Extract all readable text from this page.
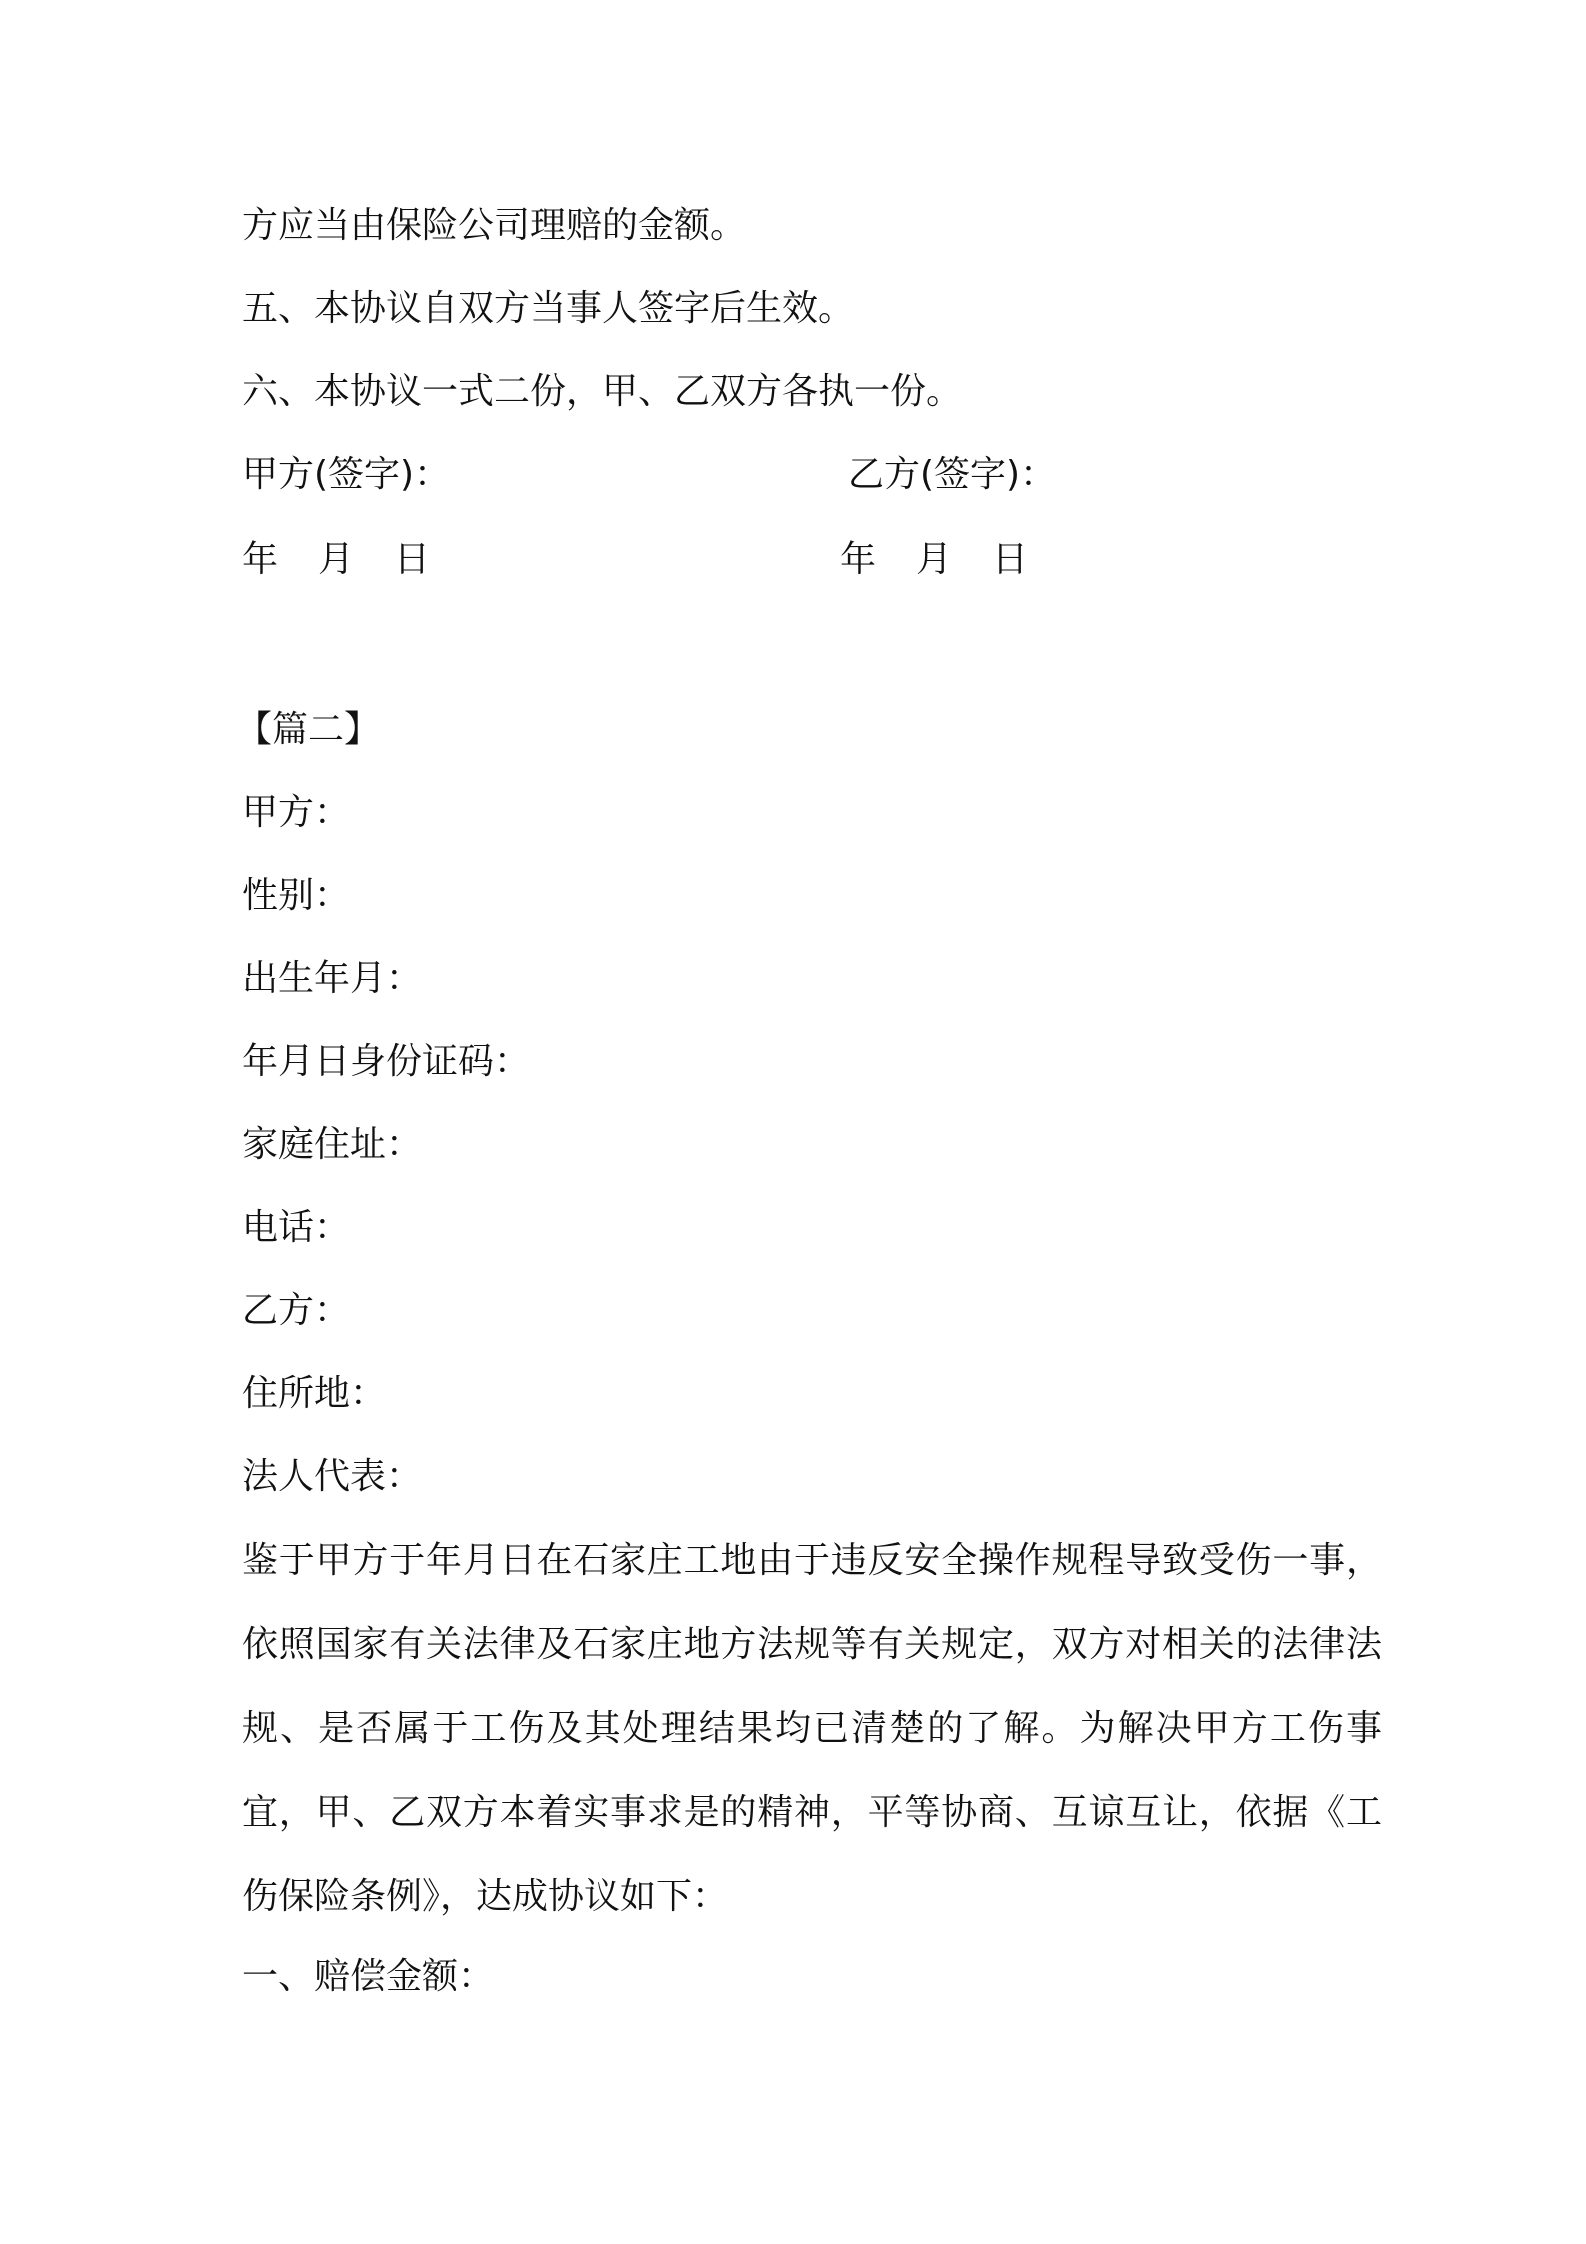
方应当由保险公司理赔的金额。
五、本协议自双方当事人签字后生效。
六、本协议一式二份，甲、乙双方各执一份。
甲方(签字)：	乙方(签字)：
年 月 日	年 月 日
【篇二】
甲方：
性别：
出生年月：
年月日身份证码：
家庭住址：
电话：
乙方：
住所地：
法人代表：
鉴于甲方于年月日在石家庄工地由于违反安全操作规程导致受伤一事，依照国家有关法律及石家庄地方法规等有关规定，双方对相关的法律法规、是否属于工伤及其处理结果均已清楚的了解。为解决甲方工伤事宜，甲、乙双方本着实事求是的精神，平等协商、互谅互让，依据《工伤保险条例》，达成协议如下：
一、赔偿金额：
